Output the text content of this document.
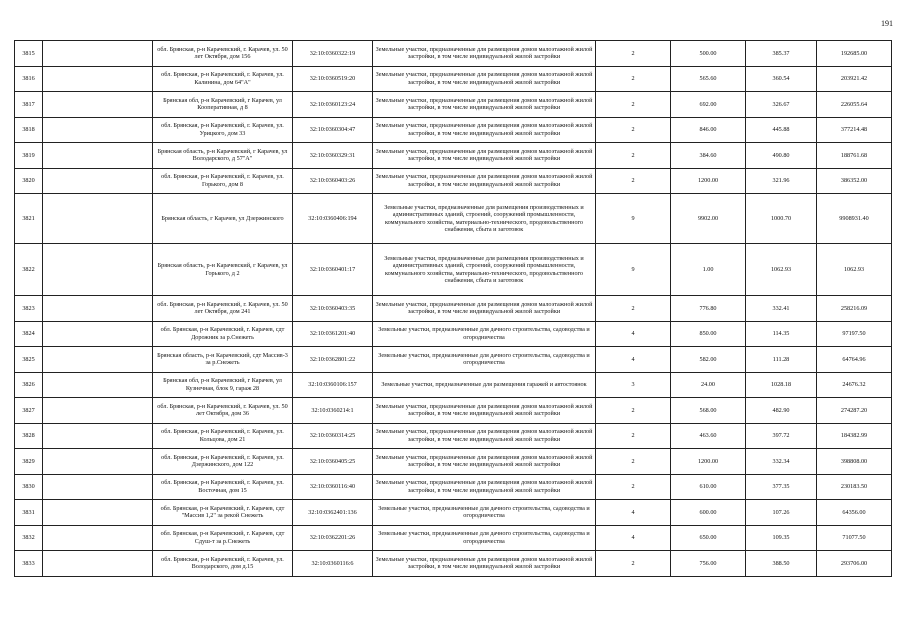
191
3815		обл. Брянская, р-н Карачевский, г. Карачев, ул. 50 лет Октября, дом 156	32:10:0360322:19	Земельные участки, предназначенные для размещения домов малоэтажной жилой застройки, в том числе индивидуальной жилой застройки	2	500.00	385.37	192685.00
3816		обл. Брянская, р-н Карачевский, г. Карачев, ул. Калинина, дом 64"А"	32:10:0360519:20	Земельные участки, предназначенные для размещения домов малоэтажной жилой застройки, в том числе индивидуальной жилой застройки	2	565.60	360.54	203921.42
3817		Брянская обл, р-н Карачевский, г Карачев, ул Кооперативная, д 8	32:10:0360123:24	Земельные участки, предназначенные для размещения домов малоэтажной жилой застройки, в том числе индивидуальной жилой застройки	2	692.00	326.67	226055.64
3818		обл. Брянская, р-н Карачевский, г. Карачев, ул. Урицкого, дом 33	32:10:0360304:47	Земельные участки, предназначенные для размещения домов малоэтажной жилой застройки, в том числе индивидуальной жилой застройки	2	846.00	445.88	377214.48
3819		Брянская область, р-н Карачевский, г Карачев, ул Володарского, д 57"А"	32:10:0360329:31	Земельные участки, предназначенные для размещения домов малоэтажной жилой застройки, в том числе индивидуальной жилой застройки	2	384.60	490.80	188761.68
3820		обл. Брянская, р-н Карачевский, г. Карачев, ул. Горького, дом 8	32:10:0360403:26	Земельные участки, предназначенные для размещения домов малоэтажной жилой застройки, в том числе индивидуальной жилой застройки	2	1200.00	321.96	386352.00
3821		Брянская область, г Карачев, ул Дзержинского	32:10:0360406:194	Земельные участки, предназначенные для размещения производственных и административных зданий, строений, сооружений промышленности, коммунального хозяйства, материально-технического, продовольственного снабжения, сбыта и заготовок	9	9902.00	1000.70	9908931.40
3822		Брянская область, р-н Карачевский, г Карачев, ул Горького, д 2	32:10:0360401:17	Земельные участки, предназначенные для размещения производственных и административных зданий, строений, сооружений промышленности, коммунального хозяйства, материально-технического, продовольственного снабжения, сбыта и заготовок	9	1.00	1062.93	1062.93
3823		обл. Брянская, р-н Карачевский, г. Карачев, ул. 50 лет Октября, дом 241	32:10:0360403:35	Земельные участки, предназначенные для размещения домов малоэтажной жилой застройки, в том числе индивидуальной жилой застройки	2	776.80	332.41	258216.09
3824		обл. Брянская, р-н Карачевский, г. Карачев, сдт Дорожник за р.Снежеть	32:10:0361201:40	Земельные участки, предназначенные для дачного строительства, садоводства и огородничества	4	850.00	114.35	97197.50
3825		Брянская область, р-н Карачевский, сдт Массив-3 за р.Снежеть	32:10:0362801:22	Земельные участки, предназначенные для дачного строительства, садоводства и огородничества	4	582.00	111.28	64764.96
3826		Брянская обл, р-н Карачевский, г Карачев, ул Кузнечная, блок 9, гараж 28	32:10:0360106:157	Земельные участки, предназначенные для размещения гаражей и автостоянок	3	24.00	1028.18	24676.32
3827		обл. Брянская, р-н Карачевский, г. Карачев, ул. 50 лет Октября, дом 36	32:10:0360214:1	Земельные участки, предназначенные для размещения домов малоэтажной жилой застройки, в том числе индивидуальной жилой застройки	2	568.00	482.90	274287.20
3828		обл. Брянская, р-н Карачевский, г. Карачев, ул. Кольцова, дом 21	32:10:0360314:25	Земельные участки, предназначенные для размещения домов малоэтажной жилой застройки, в том числе индивидуальной жилой застройки	2	463.60	397.72	184382.99
3829		обл. Брянская, р-н Карачевский, г. Карачев, ул. Дзержинского, дом 122	32:10:0360405:25	Земельные участки, предназначенные для размещения домов малоэтажной жилой застройки, в том числе индивидуальной жилой застройки	2	1200.00	332.34	398808.00
3830		обл. Брянская, р-н Карачевский, г. Карачев, ул. Восточная, дом 15	32:10:0360116:40	Земельные участки, предназначенные для размещения домов малоэтажной жилой застройки, в том числе индивидуальной жилой застройки	2	610.00	377.35	230183.50
3831		обл. Брянская, р-н Карачевский, г. Карачев, сдт "Массив 1,2" за рекой Снежеть	32:10:0362401:136	Земельные участки, предназначенные для дачного строительства, садоводства и огородничества	4	600.00	107.26	64356.00
3832		обл. Брянская, р-н Карачевский, г. Карачев, сдт Сдуш-т за р.Снежеть	32:10:0362201:26	Земельные участки, предназначенные для дачного строительства, садоводства и огородничества	4	650.00	109.35	71077.50
3833		обл. Брянская, р-н Карачевский, г. Карачев, ул. Володарского, дом д.15	32:10:0360116:6	Земельные участки, предназначенные для размещения домов малоэтажной жилой застройки, в том числе индивидуальной жилой застройки	2	756.00	388.50	293706.00
